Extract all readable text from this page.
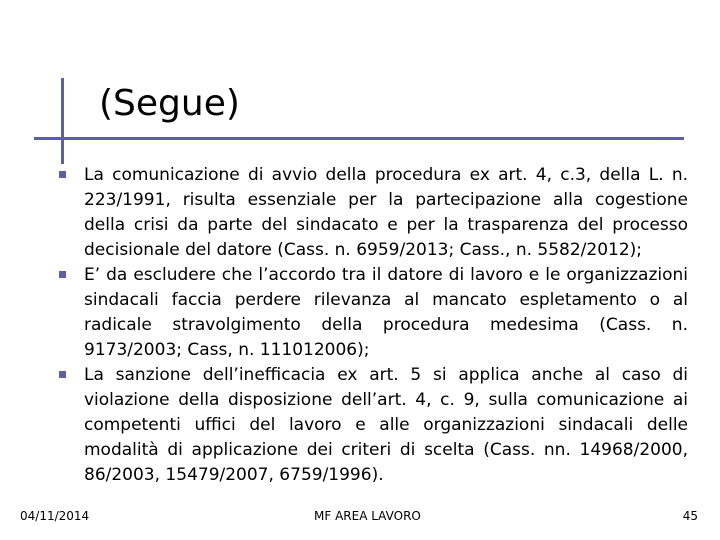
(Segue)
La comunicazione di avvio della procedura ex art. 4, c.3, della L. n. 223/1991, risulta essenziale per la partecipazione alla cogestione della crisi da parte del sindacato e per la trasparenza del processo decisionale del datore (Cass. n. 6959/2013; Cass., n. 5582/2012);
E’ da escludere che l’accordo tra il datore di lavoro e le organizzazioni sindacali faccia perdere rilevanza al mancato espletamento o al radicale stravolgimento della procedura medesima (Cass. n. 9173/2003; Cass, n. 111012006);
La sanzione dell’inefficacia ex art. 5 si applica anche al caso di violazione della disposizione dell’art. 4, c. 9, sulla comunicazione ai competenti uffici del lavoro e alle organizzazioni sindacali delle modalità di applicazione dei criteri di scelta (Cass. nn. 14968/2000, 86/2003, 15479/2007, 6759/1996).
04/11/2014	MF AREA LAVORO	45
